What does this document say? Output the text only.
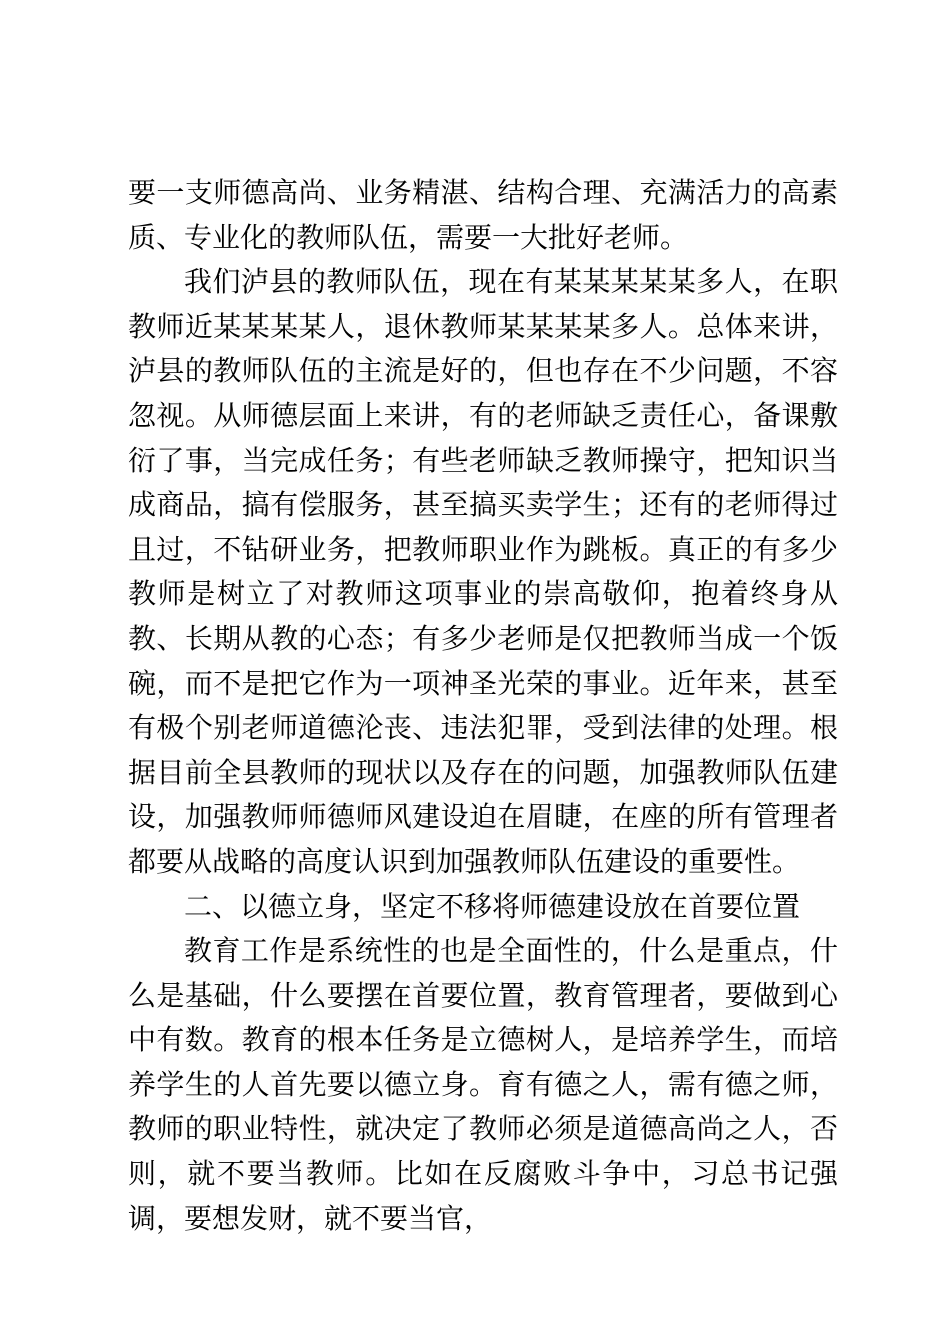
要一支师德高尚、业务精湛、结构合理、充满活力的高素质、专业化的教师队伍，需要一大批好老师。

我们泸县的教师队伍，现在有某某某某某多人，在职教师近某某某某人，退休教师某某某某多人。总体来讲，泸县的教师队伍的主流是好的，但也存在不少问题，不容忽视。从师德层面上来讲，有的老师缺乏责任心，备课敷衍了事，当完成任务；有些老师缺乏教师操守，把知识当成商品，搞有偿服务，甚至搞买卖学生；还有的老师得过且过，不钻研业务，把教师职业作为跳板。真正的有多少教师是树立了对教师这项事业的崇高敬仰，抱着终身从教、长期从教的心态；有多少老师是仅把教师当成一个饭碗，而不是把它作为一项神圣光荣的事业。近年来，甚至有极个别老师道德沦丧、违法犯罪，受到法律的处理。根据目前全县教师的现状以及存在的问题，加强教师队伍建设，加强教师师德师风建设迫在眉睫，在座的所有管理者都要从战略的高度认识到加强教师队伍建设的重要性。

二、以德立身，坚定不移将师德建设放在首要位置

教育工作是系统性的也是全面性的，什么是重点，什么是基础，什么要摆在首要位置，教育管理者，要做到心中有数。教育的根本任务是立德树人，是培养学生，而培养学生的人首先要以德立身。育有德之人，需有德之师，教师的职业特性，就决定了教师必须是道德高尚之人，否则，就不要当教师。比如在反腐败斗争中，习总书记强调，要想发财，就不要当官，
